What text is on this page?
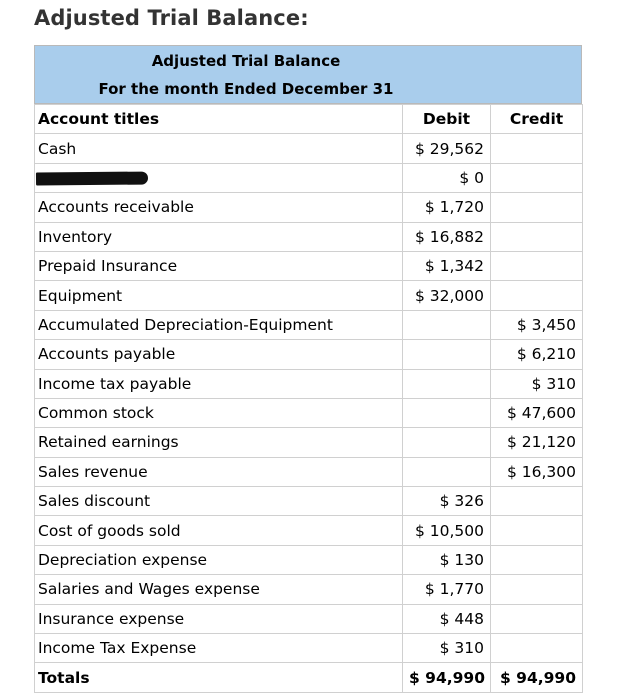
Adjusted Trial Balance:
Adjusted Trial Balance
For the month Ended December 31
Account titles	Debit	Credit
Cash	$ 29,562	
	$ 0	
Accounts receivable	$ 1,720	
Inventory	$ 16,882	
Prepaid Insurance	$ 1,342	
Equipment	$ 32,000	
Accumulated Depreciation-Equipment		$ 3,450
Accounts payable		$ 6,210
Income tax payable		$ 310
Common stock		$ 47,600
Retained earnings		$ 21,120
Sales revenue		$ 16,300
Sales discount	$ 326	
Cost of goods sold	$ 10,500	
Depreciation expense	$ 130	
Salaries and Wages expense	$ 1,770	
Insurance expense	$ 448	
Income Tax Expense	$ 310	
Totals	$ 94,990	$ 94,990
